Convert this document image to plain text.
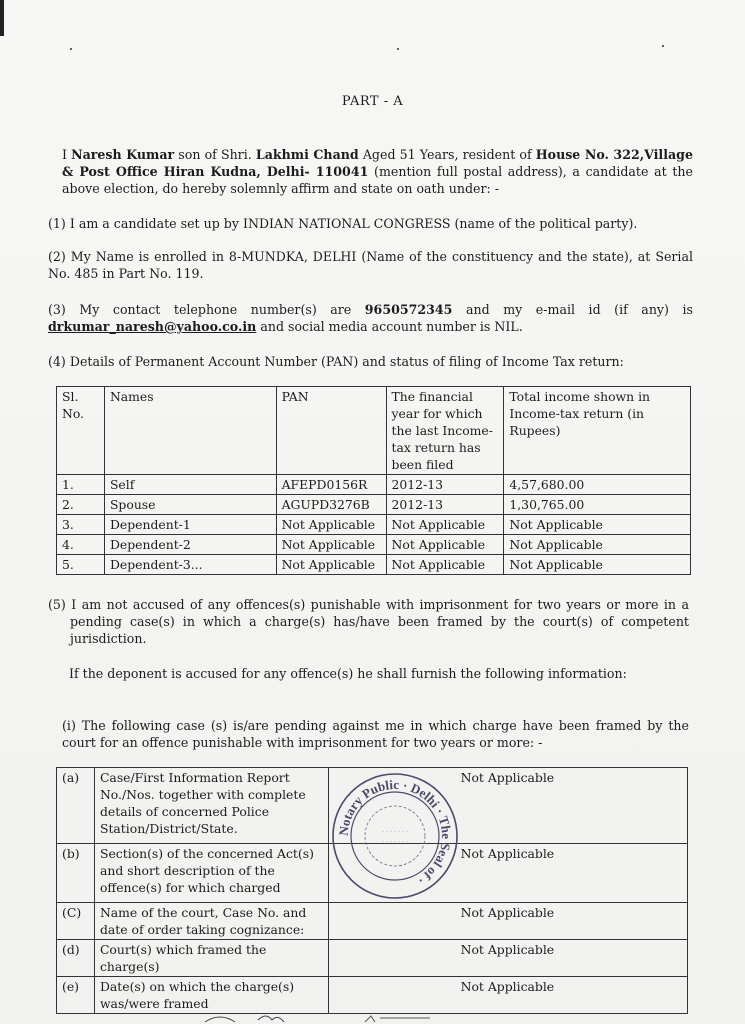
PART - A
I Naresh Kumar son of Shri. Lakhmi Chand Aged 51 Years, resident of House No. 322,Village & Post Office Hiran Kudna, Delhi- 110041 (mention full postal address), a candidate at the above election, do hereby solemnly affirm and state on oath under: -
(1) I am a candidate set up by INDIAN NATIONAL CONGRESS (name of the political party).
(2) My Name is enrolled in 8-MUNDKA, DELHI (Name of the constituency and the state), at Serial No. 485 in Part No. 119.
(3) My contact telephone number(s) are 9650572345 and my e-mail id (if any) is drkumar_naresh@yahoo.co.in and social media account number is NIL.
(4) Details of Permanent Account Number (PAN) and status of filing of Income Tax return:
Sl. No.	Names	PAN	The financial year for which the last Income-tax return has been filed	Total income shown in Income-tax return (in Rupees)
1.	Self	AFEPD0156R	2012-13	4,57,680.00
2.	Spouse	AGUPD3276B	2012-13	1,30,765.00
3.	Dependent-1	Not Applicable	Not Applicable	Not Applicable
4.	Dependent-2	Not Applicable	Not Applicable	Not Applicable
5.	Dependent-3...	Not Applicable	Not Applicable	Not Applicable
(5) I am not accused of any offences(s) punishable with imprisonment for two years or more in a pending case(s) in which a charge(s) has/have been framed by the court(s) of competent jurisdiction.
If the deponent is accused for any offence(s) he shall furnish the following information:
(i) The following case (s) is/are pending against me in which charge have been framed by the court for an offence punishable with imprisonment for two years or more: -
(a)	Case/First Information Report No./Nos. together with complete details of concerned Police Station/District/State.	Not Applicable
(b)	Section(s) of the concerned Act(s) and short description of the offence(s) for which charged	Not Applicable
(C)	Name of the court, Case No. and date of order taking cognizance:	Not Applicable
(d)	Court(s) which framed the charge(s)	Not Applicable
(e)	Date(s) on which the charge(s) was/were framed	Not Applicable
Notary Public · Delhi · The Seal of ·
· · · · · · ·
· · · · · · ·
